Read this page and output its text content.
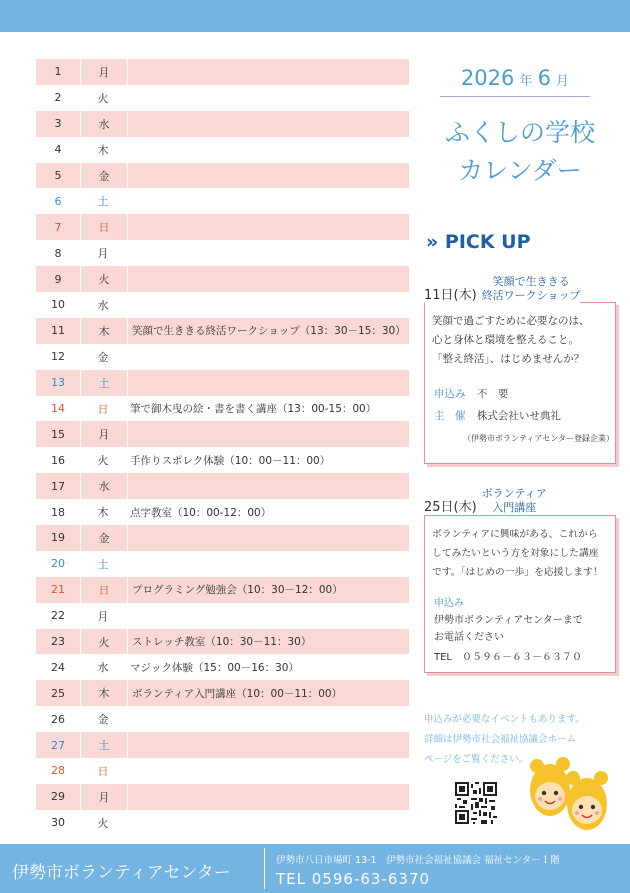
1	月
2	火
3	水
4	木
5	金
6	土
7	日
8	月
9	火
10	水
11	木	笑顔で生ききる終活ワークショップ（13：30－15：30）
12	金
13	土
14	日	筆で御木曳の絵・書を書く講座（13：00-15：00）
15	月
16	火	手作りスポレク体験（10：00－11：00）
17	水
18	木	点字教室（10：00-12：00）
19	金
20	土
21	日	プログラミング勉強会（10：30－12：00）
22	月
23	火	ストレッチ教室（10：30－11：30）
24	水	マジック体験（15：00－16：30）
25	木	ボランティア入門講座（10：00－11：00）
26	金
27	土
28	日
29	月
30	火
2026 年 6 月
ふくしの学校
カレンダー
» PICK UP
11日(木)
笑顔で生ききる
終活ワークショップ
笑顔で過ごすために必要なのは、
心と身体と環境を整えること。
「整え終活」、はじめませんか？
申込み 不　要
主　催 株式会社いせ典礼
（伊勢市ボランティアセンター登録企業）
25日(木)
ボランティア
入門講座
ボランティアに興味がある、これから
してみたいという方を対象にした講座
です。「はじめの一歩」を応援します！
申込み
伊勢市ボランティアセンターまで
お電話ください
TEL　０５９６－６３－６３７０
申込みが必要なイベントもあります。
詳細は伊勢市社会福祉協議会ホーム
ページをご覧ください。
伊勢市ボランティアセンター
伊勢市八日市場町 13-1　伊勢市社会福祉協議会 福祉センター１階
TEL 0596-63-6370
